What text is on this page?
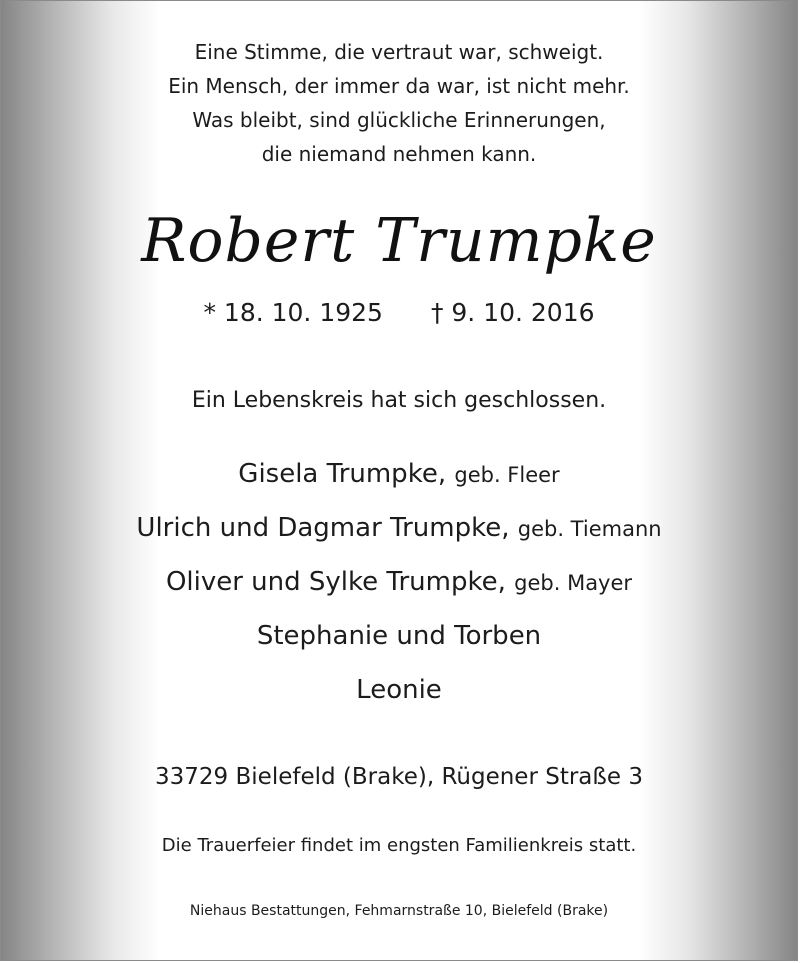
Eine Stimme, die vertraut war, schweigt.
Ein Mensch, der immer da war, ist nicht mehr.
Was bleibt, sind glückliche Erinnerungen,
die niemand nehmen kann.
Robert Trumpke
* 18. 10. 1925 † 9. 10. 2016
Ein Lebenskreis hat sich geschlossen.
Gisela Trumpke, geb. Fleer
Ulrich und Dagmar Trumpke, geb. Tiemann
Oliver und Sylke Trumpke, geb. Mayer
Stephanie und Torben
Leonie
33729 Bielefeld (Brake), Rügener Straße 3
Die Trauerfeier findet im engsten Familienkreis statt.
Niehaus Bestattungen, Fehmarnstraße 10, Bielefeld (Brake)
